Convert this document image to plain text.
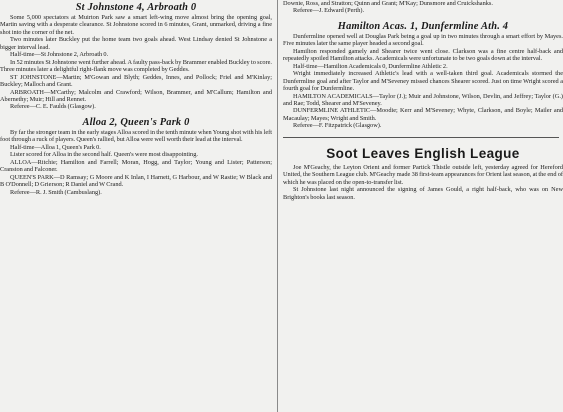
St Johnstone 4, Arbroath 0

Some 5,000 spectators at Muirton Park saw a smart left-wing move almost bring the opening goal, Martin saving with a desperate clearance. St Johnstone scored in 6 minutes, Grant, unmarked, driving a fine shot into the corner of the net.

Two minutes later Buckley put the home team two goals ahead. West Lindsay denied St Johnstone a bigger interval lead.

Half-time—St Johnstone 2, Arbroath 0.

In 52 minutes St Johnstone went further ahead. A faulty pass-back by Brammer enabled Buckley to score. Three minutes later a delightful right-flank move was completed by Geddes.

ST JOHNSTONE—Martin; M'Gowan and Blyth; Geddes, Innes, and Pollock; Friel and M'Kinlay; Buckley; Malloch and Grant.

ARBROATH—M'Carthy; Malcolm and Crawford; Wilson, Brammer, and M'Callum; Hamilton and Abernethy; Muir; Hill and Rennet.

Referee—C. E. Faulds (Glasgow).

Alloa 2, Queen's Park 0

By far the stronger team in the early stages Alloa scored in the tenth minute when Young shot with his left foot through a ruck of players. Queen's rallied, but Alloa were well worth their lead at the interval.

Half-time—Alloa 1, Queen's Park 0.

Lister scored for Alloa in the second half. Queen's were most disappointing.

ALLOA—Ritchie; Hamilton and Farrell; Moran, Hogg, and Taylor; Young and Lister; Patterson; Cranston and Falconer.

QUEEN'S PARK—D Ramsay; G Moore and K Inlan, I Harnett, G Harbour, and W Rastie; W Black and B O'Donnell; D Grierson; R Daniel and W Crand.

Referee—R. J. Smith (Cambuslang).

Downie, Ross, and Stratton; Quinn and Grant; M'Kay; Dunsmore and Cruickshanks.

Referee—J. Edward (Perth).

Hamilton Acas. 1, Dunfermline Ath. 4

Dunfermline opened well at Douglas Park being a goal up in two minutes through a smart effort by Mayes. Five minutes later the same player headed a second goal.

Hamilton responded gamely and Shearer twice went close. Clarkson was a fine centre half-back and repeatedly spoiled Hamilton attacks. Academicals were unfortunate to be two goals down at the interval.

Half-time—Hamilton Academicals 0, Dunfermline Athletic 2.

Wright immediately increased Athletic's lead with a well-taken third goal. Academicals stormed the Dunfermline goal and after Taylor and M'Seveney missed chances Shearer scored. Just on time Wright scored a fourth goal for Dunfermline.

HAMILTON ACADEMICALS—Taylor (J.); Muir and Johnstone, Wilson, Devlin, and Jeffrey; Taylor (G.) and Rae; Todd, Shearer and M'Seveney.

DUNFERMLINE ATHLETIC—Moodie; Kerr and M'Seveney; Whyte, Clarkson, and Boyle; Mailer and Macaulay; Mayes; Wright and Smith.

Referee—F. Fitzpatrick (Glasgow).

Soot Leaves English League

Joe M'Geachy, the Leyton Orient and former Partick Thistle outside left, yesterday agreed for Hereford United, the Southern League club. M'Geachy made 38 first-team appearances for Orient last season, at the end of which he was placed on the open-to-transfer list.

St Johnstone last night announced the signing of James Gould, a right half-back, who was on New Brighton's books last season.
